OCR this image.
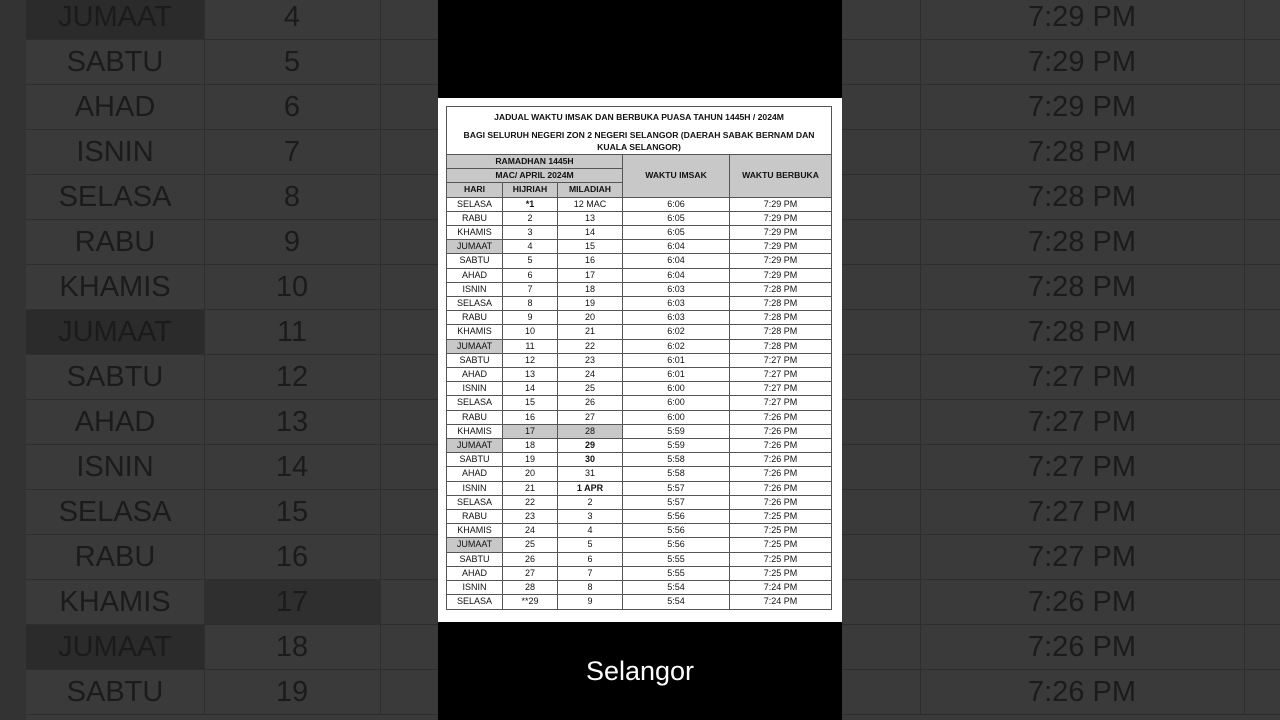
JUMAAT	4	7:29 PM
SABTU	5	7:29 PM
AHAD	6	7:29 PM
ISNIN	7	7:28 PM
SELASA	8	7:28 PM
RABU	9	7:28 PM
KHAMIS	10	7:28 PM
JUMAAT	11	7:28 PM
SABTU	12	7:27 PM
AHAD	13	7:27 PM
ISNIN	14	7:27 PM
SELASA	15	7:27 PM
RABU	16	7:27 PM
KHAMIS	17	7:26 PM
JUMAAT	18	7:26 PM
SABTU	19	7:26 PM
JADUAL WAKTU IMSAK DAN BERBUKA PUASA TAHUN 1445H / 2024M				
BAGI SELURUH NEGERI ZON 2 NEGERI SELANGOR (DAERAH SABAK BERNAM DAN KUALA SELANGOR)				
RAMADHAN 1445H			WAKTU IMSAK	WAKTU BERBUKA
MAC/ APRIL 2024M				
HARI	HIJRIAH	MILADIAH		
SELASA	*1	12 MAC	6:06	7:29 PM
RABU	2	13	6:05	7:29 PM
KHAMIS	3	14	6:05	7:29 PM
JUMAAT	4	15	6:04	7:29 PM
SABTU	5	16	6:04	7:29 PM
AHAD	6	17	6:04	7:29 PM
ISNIN	7	18	6:03	7:28 PM
SELASA	8	19	6:03	7:28 PM
RABU	9	20	6:03	7:28 PM
KHAMIS	10	21	6:02	7:28 PM
JUMAAT	11	22	6:02	7:28 PM
SABTU	12	23	6:01	7:27 PM
AHAD	13	24	6:01	7:27 PM
ISNIN	14	25	6:00	7:27 PM
SELASA	15	26	6:00	7:27 PM
RABU	16	27	6:00	7:26 PM
KHAMIS	17	28	5:59	7:26 PM
JUMAAT	18	29	5:59	7:26 PM
SABTU	19	30	5:58	7:26 PM
AHAD	20	31	5:58	7:26 PM
ISNIN	21	1 APR	5:57	7:26 PM
SELASA	22	2	5:57	7:26 PM
RABU	23	3	5:56	7:25 PM
KHAMIS	24	4	5:56	7:25 PM
JUMAAT	25	5	5:56	7:25 PM
SABTU	26	6	5:55	7:25 PM
AHAD	27	7	5:55	7:25 PM
ISNIN	28	8	5:54	7:24 PM
SELASA	**29	9	5:54	7:24 PM
Selangor
